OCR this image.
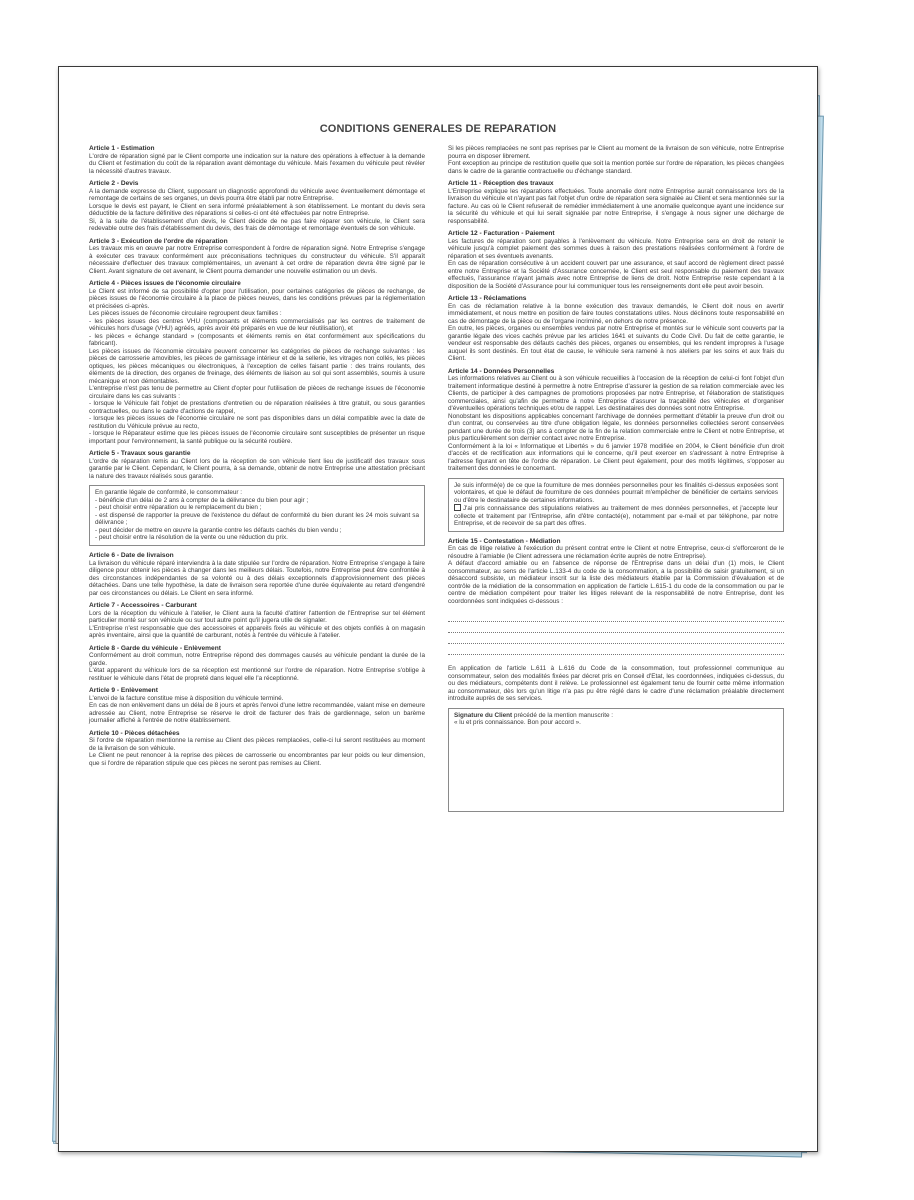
CONDITIONS GENERALES DE REPARATION
Article 1 - Estimation

L'ordre de réparation signé par le Client comporte une indication sur la nature des opérations à effectuer à la demande du Client et l'estimation du coût de la réparation avant démontage du véhicule. Mais l'examen du véhicule peut révéler la nécessité d'autres travaux.

Article 2 - Devis

A la demande expresse du Client, supposant un diagnostic approfondi du véhicule avec éventuellement démontage et remontage de certains de ses organes, un devis pourra être établi par notre Entreprise.

Lorsque le devis est payant, le Client en sera informé préalablement à son établissement. Le montant du devis sera déductible de la facture définitive des réparations si celles-ci ont été effectuées par notre Entreprise.

Si, à la suite de l'établissement d'un devis, le Client décide de ne pas faire réparer son véhicule, le Client sera redevable outre des frais d'établissement du devis, des frais de démontage et remontage éventuels de son véhicule.

Article 3 - Exécution de l'ordre de réparation

Les travaux mis en œuvre par notre Entreprise correspondent à l'ordre de réparation signé. Notre Entreprise s'engage à exécuter ces travaux conformément aux préconisations techniques du constructeur du véhicule. S'il apparaît nécessaire d'effectuer des travaux complémentaires, un avenant à cet ordre de réparation devra être signé par le Client. Avant signature de cet avenant, le Client pourra demander une nouvelle estimation ou un devis.

Article 4 - Pièces issues de l'économie circulaire

Le Client est informé de sa possibilité d'opter pour l'utilisation, pour certaines catégories de pièces de rechange, de pièces issues de l'économie circulaire à la place de pièces neuves, dans les conditions prévues par la réglementation et précisées ci-après.

Les pièces issues de l'économie circulaire regroupent deux familles :

- les pièces issues des centres VHU (composants et éléments commercialisés par les centres de traitement de véhicules hors d'usage (VHU) agréés, après avoir été préparés en vue de leur réutilisation), et

- les pièces « échange standard » (composants et éléments remis en état conformément aux spécifications du fabricant).

Les pièces issues de l'économie circulaire peuvent concerner les catégories de pièces de rechange suivantes : les pièces de carrosserie amovibles, les pièces de garnissage intérieur et de la sellerie, les vitrages non collés, les pièces optiques, les pièces mécaniques ou électroniques, à l'exception de celles faisant partie : des trains roulants, des éléments de la direction, des organes de freinage, des éléments de liaison au sol qui sont assemblés, soumis à usure mécanique et non démontables.

L'entreprise n'est pas tenu de permettre au Client d'opter pour l'utilisation de pièces de rechange issues de l'économie circulaire dans les cas suivants :

- lorsque le Véhicule fait l'objet de prestations d'entretien ou de réparation réalisées à titre gratuit, ou sous garanties contractuelles, ou dans le cadre d'actions de rappel,

- lorsque les pièces issues de l'économie circulaire ne sont pas disponibles dans un délai compatible avec la date de restitution du Véhicule prévue au recto,

- lorsque le Réparateur estime que les pièces issues de l'économie circulaire sont susceptibles de présenter un risque important pour l'environnement, la santé publique ou la sécurité routière.

Article 5 - Travaux sous garantie

L'ordre de réparation remis au Client lors de la réception de son véhicule tient lieu de justificatif des travaux sous garantie par le Client. Cependant, le Client pourra, à sa demande, obtenir de notre Entreprise une attestation précisant la nature des travaux réalisés sous garantie.

En garantie légale de conformité, le consommateur :

- bénéficie d'un délai de 2 ans à compter de la délivrance du bien pour agir ;

- peut choisir entre réparation ou le remplacement du bien ;

- est dispensé de rapporter la preuve de l'existence du défaut de conformité du bien durant les 24 mois suivant sa délivrance ;

- peut décider de mettre en œuvre la garantie contre les défauts cachés du bien vendu ;

- peut choisir entre la résolution de la vente ou une réduction du prix.

Article 6 - Date de livraison

La livraison du véhicule réparé interviendra à la date stipulée sur l'ordre de réparation. Notre Entreprise s'engage à faire diligence pour obtenir les pièces à changer dans les meilleurs délais. Toutefois, notre Entreprise peut être confrontée à des circonstances indépendantes de sa volonté ou à des délais exceptionnels d'approvisionnement des pièces détachées. Dans une telle hypothèse, la date de livraison sera reportée d'une durée équivalente au retard d'engendré par ces circonstances ou délais. Le Client en sera informé.

Article 7 - Accessoires - Carburant

Lors de la réception du véhicule à l'atelier, le Client aura la faculté d'attirer l'attention de l'Entreprise sur tel élément particulier monté sur son véhicule ou sur tout autre point qu'il jugera utile de signaler.

L'Entreprise n'est responsable que des accessoires et appareils fixés au véhicule et des objets confiés à on magasin après inventaire, ainsi que la quantité de carburant, notés à l'entrée du véhicule à l'atelier.

Article 8 - Garde du véhicule - Enlèvement

Conformément au droit commun, notre Entreprise répond des dommages causés au véhicule pendant la durée de la garde.

L'état apparent du véhicule lors de sa réception est mentionné sur l'ordre de réparation. Notre Entreprise s'oblige à restituer le véhicule dans l'état de propreté dans lequel elle l'a réceptionné.

Article 9 - Enlèvement

L'envoi de la facture constitue mise à disposition du véhicule terminé.

En cas de non enlèvement dans un délai de 8 jours et après l'envoi d'une lettre recommandée, valant mise en demeure adressée au Client, notre Entreprise se réserve le droit de facturer des frais de gardiennage, selon un barème journalier affiché à l'entrée de notre établissement.

Article 10 - Pièces détachées

Si l'ordre de réparation mentionne la remise au Client des pièces remplacées, celle-ci lui seront restituées au moment de la livraison de son véhicule.

Le Client ne peut renoncer à la reprise des pièces de carrosserie ou encombrantes par leur poids ou leur dimension, que si l'ordre de réparation stipule que ces pièces ne seront pas remises au Client.

Si les pièces remplacées ne sont pas reprises par le Client au moment de la livraison de son véhicule, notre Entreprise pourra en disposer librement.
Font exception au principe de restitution quelle que soit la mention portée sur l'ordre de réparation, les pièces changées dans le cadre de la garantie contractuelle ou d'échange standard.

Article 11 - Réception des travaux

L'Entreprise explique les réparations effectuées. Toute anomalie dont notre Entreprise aurait connaissance lors de la livraison du véhicule et n'ayant pas fait l'objet d'un ordre de réparation sera signalée au Client et sera mentionnée sur la facture. Au cas où le Client refuserait de remédier immédiatement à une anomalie quelconque ayant une incidence sur la sécurité du véhicule et qui lui serait signalée par notre Entreprise, il s'engage à nous signer une décharge de responsabilité.

Article 12 - Facturation - Paiement

Les factures de réparation sont payables à l'enlèvement du véhicule. Notre Entreprise sera en droit de retenir le véhicule jusqu'à complet paiement des sommes dues à raison des prestations réalisées conformément à l'ordre de réparation et ses éventuels avenants.

En cas de réparation consécutive à un accident couvert par une assurance, et sauf accord de règlement direct passé entre notre Entreprise et la Société d'Assurance concernée, le Client est seul responsable du paiement des travaux effectués, l'assurance n'ayant jamais avec notre Entreprise de liens de droit. Notre Entreprise reste cependant à la disposition de la Société d'Assurance pour lui communiquer tous les renseignements dont elle peut avoir besoin.

Article 13 - Réclamations

En cas de réclamation relative à la bonne exécution des travaux demandés, le Client doit nous en avertir immédiatement, et nous mettre en position de faire toutes constatations utiles. Nous déclinons toute responsabilité en cas de démontage de la pièce ou de l'organe incriminé, en dehors de notre présence.

En outre, les pièces, organes ou ensembles vendus par notre Entreprise et montés sur le véhicule sont couverts par la garantie légale des vices cachés prévue par les articles 1641 et suivants du Code Civil. Du fait de cette garantie, le vendeur est responsable des défauts cachés des pièces, organes ou ensembles, qui les rendent impropres à l'usage auquel ils sont destinés. En tout état de cause, le véhicule sera ramené à nos ateliers par les soins et aux frais du Client.

Article 14 - Données Personnelles

Les informations relatives au Client ou à son véhicule recueillies à l'occasion de la réception de celui-ci font l'objet d'un traitement informatique destiné à permettre à notre Entreprise d'assurer la gestion de sa relation commerciale avec les Clients, de participer à des campagnes de promotions proposées par notre Entreprise, et l'élaboration de statistiques commerciales, ainsi qu'afin de permettre à notre Entreprise d'assurer la traçabilité des véhicules et d'organiser d'éventuelles opérations techniques et/ou de rappel. Les destinataires des données sont notre Entreprise.

Nonobstant les dispositions applicables concernant l'archivage de données permettant d'établir la preuve d'un droit ou d'un contrat, ou conservées au titre d'une obligation légale, les données personnelles collectées seront conservées pendant une durée de trois (3) ans à compter de la fin de la relation commerciale entre le Client et notre Entreprise, et plus particulièrement son dernier contact avec notre Entreprise.

Conformément à la loi « Informatique et Libertés » du 6 janvier 1978 modifiée en 2004, le Client bénéficie d'un droit d'accès et de rectification aux informations qui le concerne, qu'il peut exercer en s'adressant à notre Entreprise à l'adresse figurant en tête de l'ordre de réparation. Le Client peut également, pour des motifs légitimes, s'opposer au traitement des données le concernant.

Je suis informé(e) de ce que la fourniture de mes données personnelles pour les finalités ci-dessus exposées sont volontaires, et que le défaut de fourniture de ces données pourrait m'empêcher de bénéficier de certains services ou d'être le destinataire de certaines informations.

J'ai pris connaissance des stipulations relatives au traitement de mes données personnelles, et j'accepte leur collecte et traitement par l'Entreprise, afin d'être contacté(e), notamment par e-mail et par téléphone, par notre Entreprise, et de recevoir de sa part des offres.

Article 15 - Contestation - Médiation

En cas de litige relative à l'exécution du présent contrat entre le Client et notre Entreprise, ceux-ci s'efforceront de le résoudre à l'amiable (le Client adressera une réclamation écrite auprès de notre Entreprise).

A défaut d'accord amiable ou en l'absence de réponse de l'Entreprise dans un délai d'un (1) mois, le Client consommateur, au sens de l'article L.133-4 du code de la consommation, a la possibilité de saisir gratuitement, si un désaccord subsiste, un médiateur inscrit sur la liste des médiateurs établie par la Commission d'évaluation et de contrôle de la médiation de la consommation en application de l'article L.615-1 du code de la consommation ou par le centre de médiation compétent pour traiter les litiges relevant de la responsabilité de notre Entreprise, dont les coordonnées sont indiquées ci-dessous :

En application de l'article L.611 à L.616 du Code de la consommation, tout professionnel communique au consommateur, selon des modalités fixées par décret pris en Conseil d'Etat, les coordonnées, indiquées ci-dessus, du ou des médiateurs, compétents dont il relève. Le professionnel est également tenu de fournir cette même information au consommateur, dès lors qu'un litige n'a pas pu être réglé dans le cadre d'une réclamation préalable directement introduite auprès de ses services.

Signature du Client précédé de la mention manuscrite :
« lu et pris connaissance. Bon pour accord ».
